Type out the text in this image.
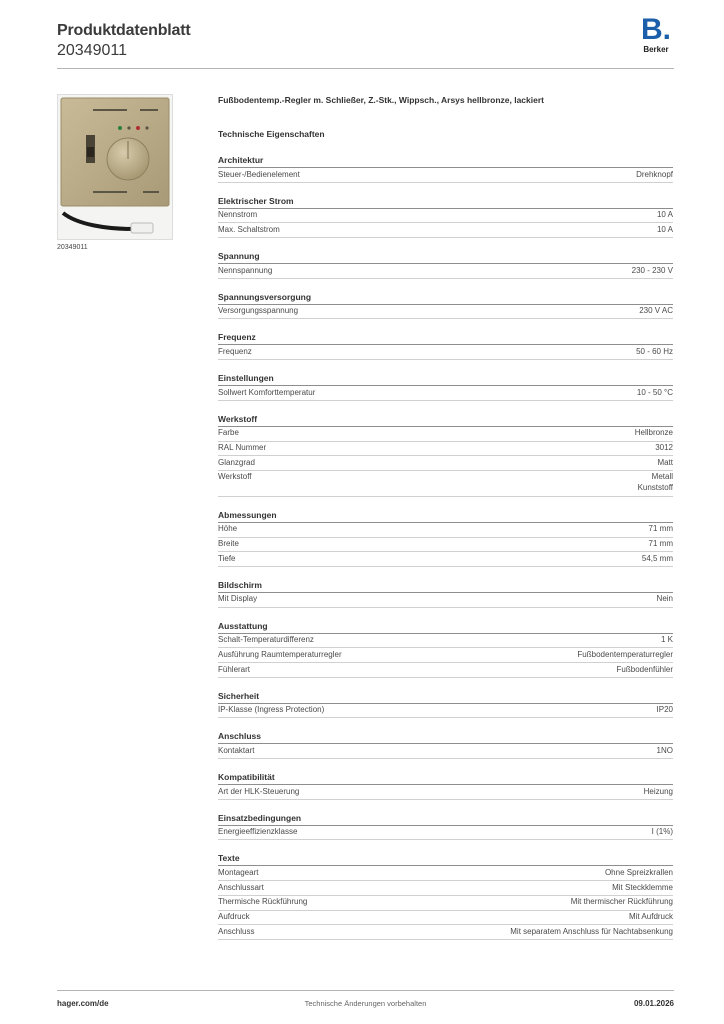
Produktdatenblatt
20349011
B.
Berker
20349011
Fußbodentemp.-Regler m. Schließer, Z.-Stk., Wippsch., Arsys hellbronze, lackiert
Technische Eigenschaften
Architektur
Steuer-/Bedienelement	Drehknopf
Elektrischer Strom
Nennstrom	10 A
Max. Schaltstrom	10 A
Spannung
Nennspannung	230 - 230 V
Spannungsversorgung
Versorgungsspannung	230 V AC
Frequenz
Frequenz	50 - 60 Hz
Einstellungen
Sollwert Komforttemperatur	10 - 50 °C
Werkstoff
Farbe	Hellbronze
RAL Nummer	3012
Glanzgrad	Matt
Werkstoff	Metall
Kunststoff
Abmessungen
Höhe	71 mm
Breite	71 mm
Tiefe	54,5 mm
Bildschirm
Mit Display	Nein
Ausstattung
Schalt-Temperaturdifferenz	1 K
Ausführung Raumtemperaturregler	Fußbodentemperaturregler
Fühlerart	Fußbodenfühler
Sicherheit
IP-Klasse (Ingress Protection)	IP20
Anschluss
Kontaktart	1NO
Kompatibilität
Art der HLK-Steuerung	Heizung
Einsatzbedingungen
Energieeffizienzklasse	I (1%)
Texte
Montageart	Ohne Spreizkrallen
Anschlussart	Mit Steckklemme
Thermische Rückführung	Mit thermischer Rückführung
Aufdruck	Mit Aufdruck
Anschluss	Mit separatem Anschluss für Nachtabsenkung
hager.com/de	Technische Änderungen vorbehalten	09.01.2026
